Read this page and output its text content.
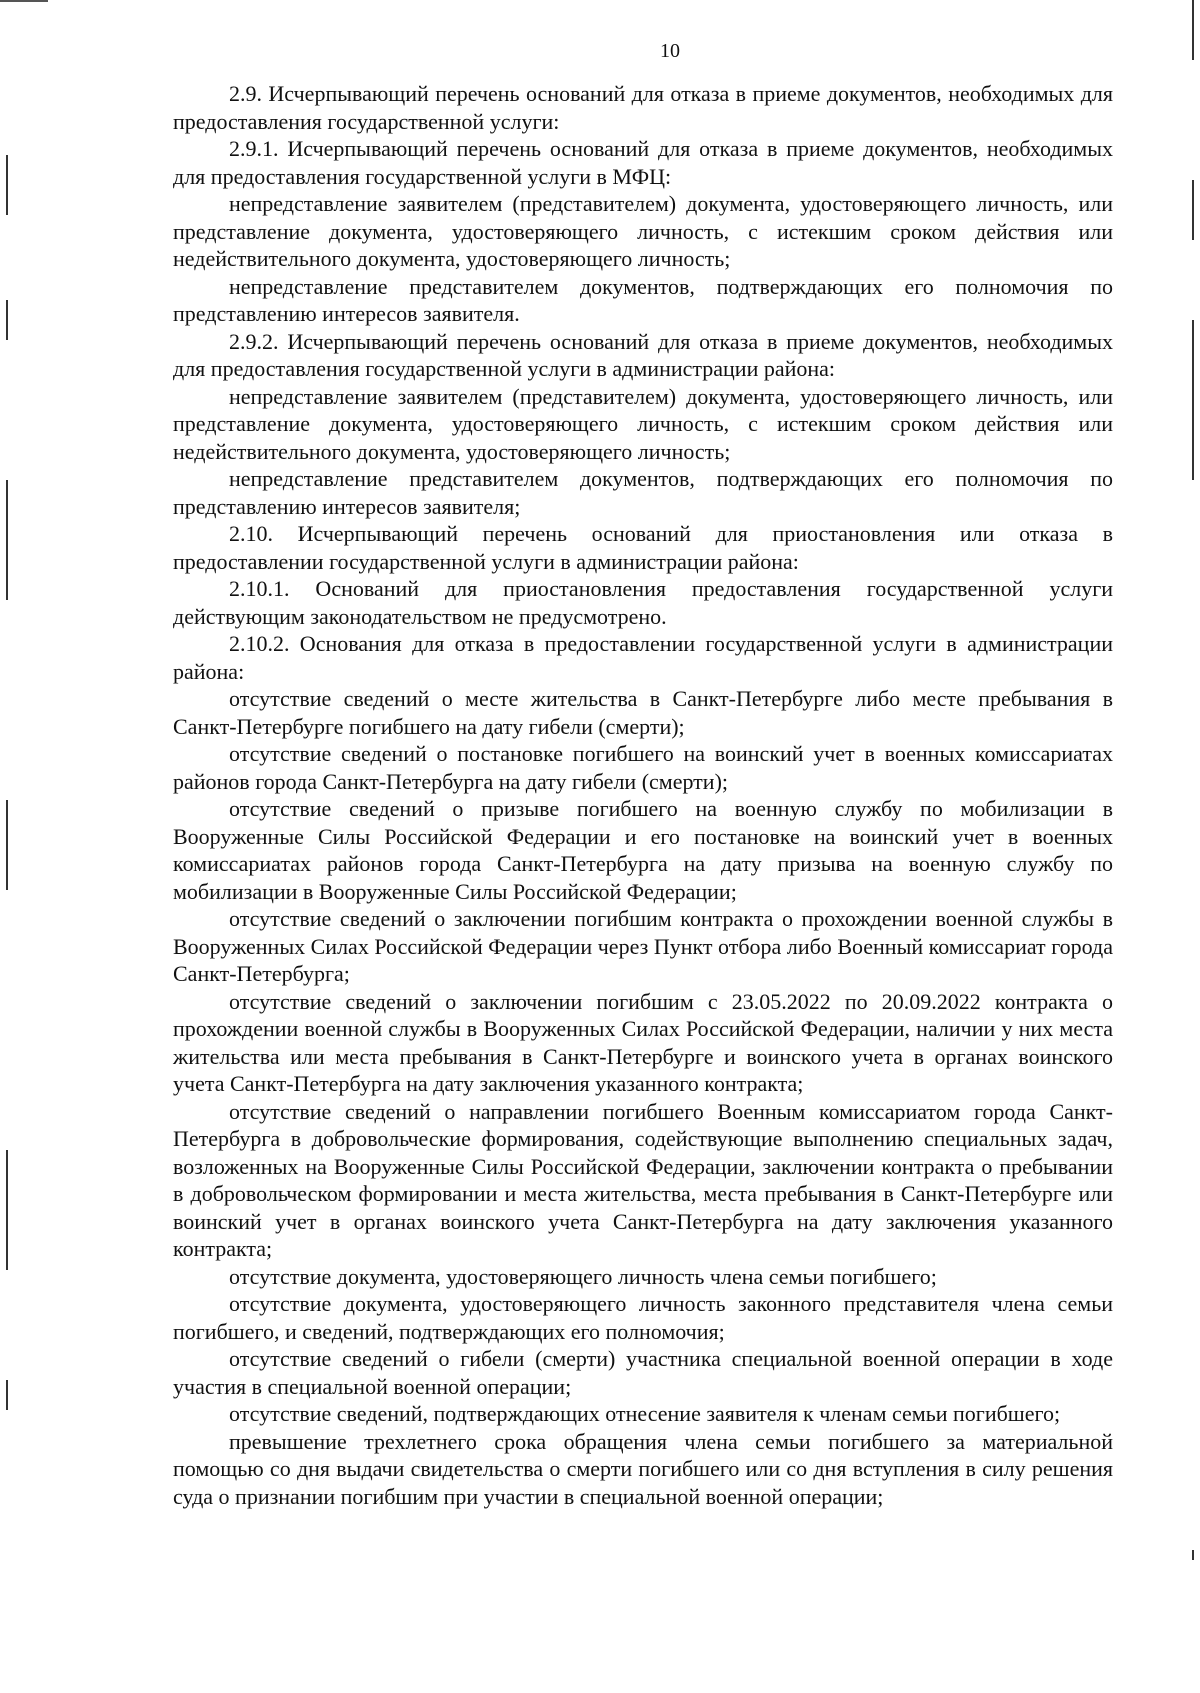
10

2.9. Исчерпывающий перечень оснований для отказа в приеме документов, необходимых для предоставления государственной услуги:

2.9.1. Исчерпывающий перечень оснований для отказа в приеме документов, необходимых для предоставления государственной услуги в МФЦ:

непредставление заявителем (представителем) документа, удостоверяющего личность, или представление документа, удостоверяющего личность, с истекшим сроком действия или недействительного документа, удостоверяющего личность;

непредставление представителем документов, подтверждающих его полномочия по представлению интересов заявителя.

2.9.2. Исчерпывающий перечень оснований для отказа в приеме документов, необходимых для предоставления государственной услуги в администрации района:

непредставление заявителем (представителем) документа, удостоверяющего личность, или представление документа, удостоверяющего личность, с истекшим сроком действия или недействительного документа, удостоверяющего личность;

непредставление представителем документов, подтверждающих его полномочия по представлению интересов заявителя;

2.10. Исчерпывающий перечень оснований для приостановления или отказа в предоставлении государственной услуги в администрации района:

2.10.1. Оснований для приостановления предоставления государственной услуги действующим законодательством не предусмотрено.

2.10.2. Основания для отказа в предоставлении государственной услуги в администрации района:

отсутствие сведений о месте жительства в Санкт-Петербурге либо месте пребывания в Санкт-Петербурге погибшего на дату гибели (смерти);

отсутствие сведений о постановке погибшего на воинский учет в военных комиссариатах районов города Санкт-Петербурга на дату гибели (смерти);

отсутствие сведений о призыве погибшего на военную службу по мобилизации в Вооруженные Силы Российской Федерации и его постановке на воинский учет в военных комиссариатах районов города Санкт-Петербурга на дату призыва на военную службу по мобилизации в Вооруженные Силы Российской Федерации;

отсутствие сведений о заключении погибшим контракта о прохождении военной службы в Вооруженных Силах Российской Федерации через Пункт отбора либо Военный комиссариат города Санкт-Петербурга;

отсутствие сведений о заключении погибшим с 23.05.2022 по 20.09.2022 контракта о прохождении военной службы в Вооруженных Силах Российской Федерации, наличии у них места жительства или места пребывания в Санкт-Петербурге и воинского учета в органах воинского учета Санкт-Петербурга на дату заключения указанного контракта;

отсутствие сведений о направлении погибшего Военным комиссариатом города Санкт-Петербурга в добровольческие формирования, содействующие выполнению специальных задач, возложенных на Вооруженные Силы Российской Федерации, заключении контракта о пребывании в добровольческом формировании и места жительства, места пребывания в Санкт-Петербурге или воинский учет в органах воинского учета Санкт-Петербурга на дату заключения указанного контракта;

отсутствие документа, удостоверяющего личность члена семьи погибшего;

отсутствие документа, удостоверяющего личность законного представителя члена семьи погибшего, и сведений, подтверждающих его полномочия;

отсутствие сведений о гибели (смерти) участника специальной военной операции в ходе участия в специальной военной операции;

отсутствие сведений, подтверждающих отнесение заявителя к членам семьи погибшего;

превышение трехлетнего срока обращения члена семьи погибшего за материальной помощью со дня выдачи свидетельства о смерти погибшего или со дня вступления в силу решения суда о признании погибшим при участии в специальной военной операции;
